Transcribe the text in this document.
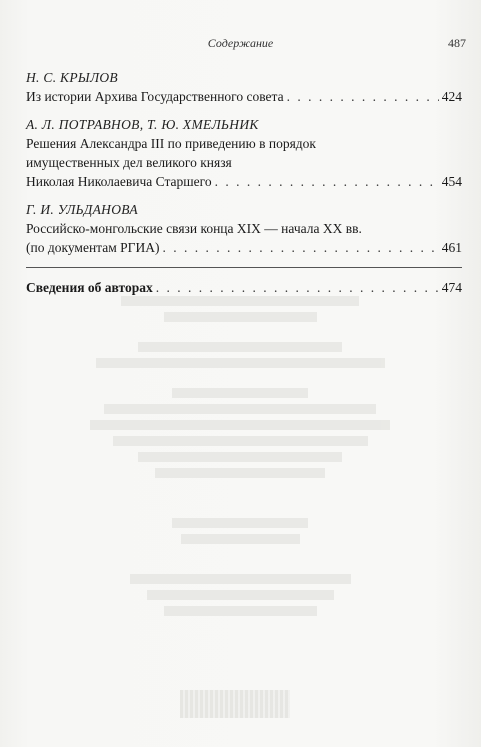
Содержание	487
Н. С. КРЫЛОВ
Из истории Архива Государственного совета . . .	424
А. Л. ПОТРАВНОВ, Т. Ю. ХМЕЛЬНИК
Решения Александра III по приведению в порядок
имущественных дел великого князя
Николая Николаевича Старшего . . .	454
Г. И. УЛЬДАНОВА
Российско-монгольские связи конца XIX — начала XX вв.
(по документам РГИА) . . .	461
Сведения об авторах . . .	474
